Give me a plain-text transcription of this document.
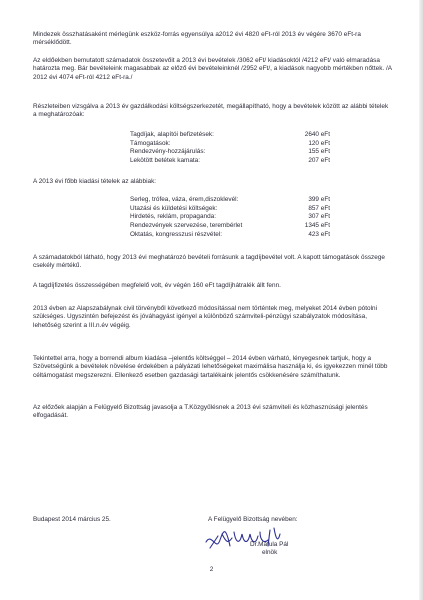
Mindezek összhatásaként mérlegünk eszköz-forrás egyensúlya a2012 évi 4820 eFt-ról 2013 év végére 3670 eFt-ra mérséklődött.

Az eldőekben bemutatott számadatok összetevőit a 2013 évi bevételek /3062 eFt/ kiadásoktól /4212 eFt/ való elmaradása határozta meg. Bár bevételeink magasabbak az előző évi bevételeinknél /2952 eFt/, a kiadások nagyobb mértékben nőttek. /A 2012 évi 4074 eFt-ról 4212 eFt-ra./

Részleteiben vizsgálva a 2013 év gazdálkodási költségszerkezetét, megállapítható, hogy a bevételek között az alábbi tételek a meghatározóak:

Tagdíjak, alapítói befizetések:	2640 eFt
Támogatások:	120 eFt
Rendezvény-hozzájárulás:	155 eFt
Lekötött betétek kamata:	207 eFt

A 2013 évi főbb kiadási tételek az alábbiak:

Serleg, trófea, váza, érem,diszoklevél:	399 eFt
Utazási és küldetési költségek:	857 eFt
Hirdetés, reklám, propaganda:	307 eFt
Rendezvények szervezése, terembérlet	1345 eFt
Oktatás, kongresszusi részvétel:	423 eFt

A számadatokból látható, hogy 2013 évi meghatározó bevételi forrásunk a tagdíjbevétel volt. A kapott támogatások összege csekély mértékű.

A tagdíjfizetés összességében megfelelő volt, év végén 160 eFt tagdíjhátralék állt fenn.

2013 évben az Alapszabálynak civil törvényből következő módosítással nem történtek meg, melyeket 2014 évben pótolni szükséges. Ugyszintén befejezést és jóváhagyást igényel a különböző számviteli-pénzügyi szabályzatok módosítása, lehetőség szerint a III.n.év végéig.

Tekintettel arra, hogy a borrendi album kiadása –jelentős költséggel – 2014 évben várható, lényegesnek tartjuk, hogy a Szövetségünk a bevételek növelése érdekében a pályázati lehetőségeket maximálisa használja ki, és igyekezzen minél több céltámogatást megszerezni. Ellenkező esetben gazdasági tartalékaink jelentős csökkenésére számíthatunk.

Az előzőek alapján a Felügyelő Bizottság javasolja a T.Közgyűlésnek a 2013 évi számviteli és közhasznúsági jelentés elfogadását.

Budapest 2014 március 25.	A Felügyelő Bizottság nevében:
Dr.Matula Pál
elnök
2
